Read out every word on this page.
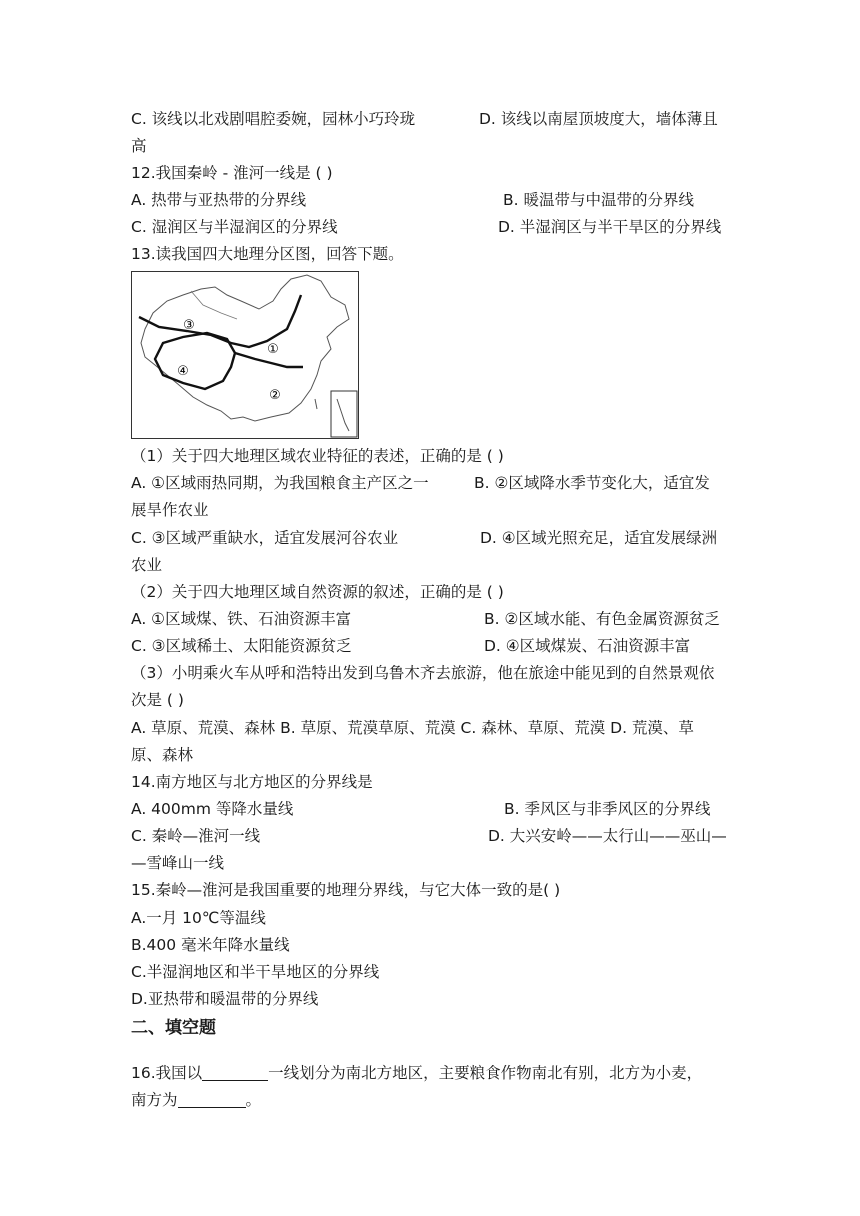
C. 该线以北戏剧唱腔委婉，园林小巧玲珑	D. 该线以南屋顶坡度大，墙体薄且
高
12.我国秦岭 - 淮河一线是 ( )
A. 热带与亚热带的分界线	B. 暖温带与中温带的分界线
C. 湿润区与半湿润区的分界线	D. 半湿润区与半干旱区的分界线
13.读我国四大地理分区图，回答下题。
③
④
①
②
（1）关于四大地理区域农业特征的表述，正确的是 ( )
A. ①区域雨热同期，为我国粮食主产区之一	B. ②区域降水季节变化大，适宜发
展旱作农业
C. ③区域严重缺水，适宜发展河谷农业	D. ④区域光照充足，适宜发展绿洲
农业
（2）关于四大地理区域自然资源的叙述，正确的是 ( )
A. ①区域煤、铁、石油资源丰富	B. ②区域水能、有色金属资源贫乏
C. ③区域稀土、太阳能资源贫乏	D. ④区域煤炭、石油资源丰富
（3）小明乘火车从呼和浩特出发到乌鲁木齐去旅游，他在旅途中能见到的自然景观依
次是 ( )
A. 草原、荒漠、森林 B. 草原、荒漠草原、荒漠 C. 森林、草原、荒漠 D. 荒漠、草
原、森林
14.南方地区与北方地区的分界线是
A. 400mm 等降水量线	B. 季风区与非季风区的分界线
C. 秦岭—淮河一线	D. 大兴安岭——太行山——巫山—
—雪峰山一线
15.秦岭—淮河是我国重要的地理分界线，与它大体一致的是( )
A.一月 10℃等温线
B.400 毫米年降水量线
C.半湿润地区和半干旱地区的分界线
D.亚热带和暖温带的分界线
二、填空题
16.我国以	一线划分为南北方地区，主要粮食作物南北有别，北方为小麦，
南方为	。
